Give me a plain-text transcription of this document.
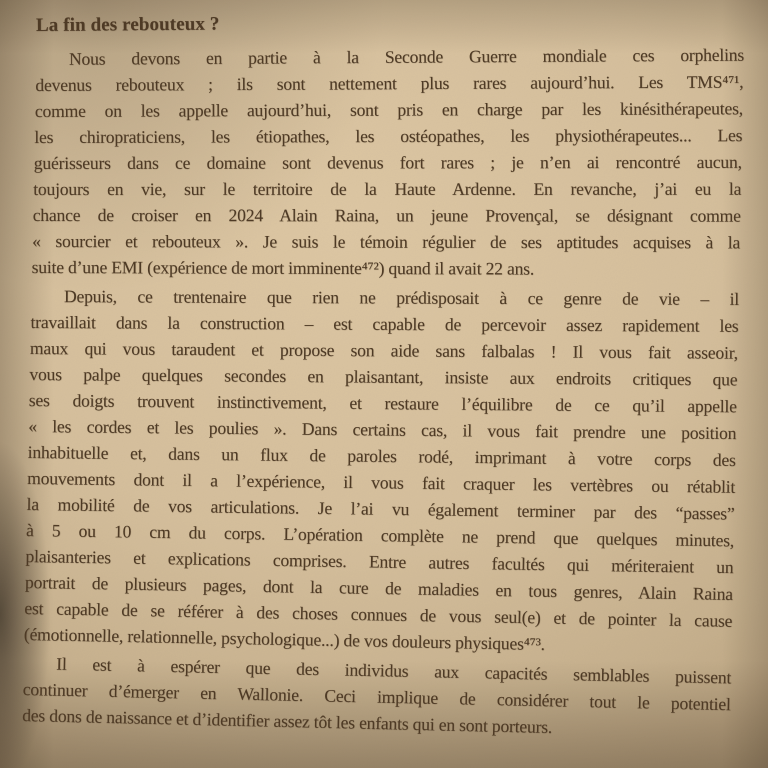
La fin des rebouteux ?
Nous devons en partie à la Seconde Guerre mondiale ces orphelins
devenus rebouteux ; ils sont nettement plus rares aujourd’hui. Les TMS⁴⁷¹,
comme on les appelle aujourd’hui, sont pris en charge par les kinésithérapeutes,
les chiropraticiens, les étiopathes, les ostéopathes, les physiothérapeutes... Les
guérisseurs dans ce domaine sont devenus fort rares ; je n’en ai rencontré aucun,
toujours en vie, sur le territoire de la Haute Ardenne. En revanche, j’ai eu la
chance de croiser en 2024 Alain Raina, un jeune Provençal, se désignant comme
« sourcier et rebouteux ». Je suis le témoin régulier de ses aptitudes acquises à la
suite d’une EMI (expérience de mort imminente⁴⁷²) quand il avait 22 ans.
Depuis, ce trentenaire que rien ne prédisposait à ce genre de vie – il
travaillait dans la construction – est capable de percevoir assez rapidement les
maux qui vous taraudent et propose son aide sans falbalas ! Il vous fait asseoir,
vous palpe quelques secondes en plaisantant, insiste aux endroits critiques que
ses doigts trouvent instinctivement, et restaure l’équilibre de ce qu’il appelle
« les cordes et les poulies ». Dans certains cas, il vous fait prendre une position
inhabituelle et, dans un flux de paroles rodé, imprimant à votre corps des
mouvements dont il a l’expérience, il vous fait craquer les vertèbres ou rétablit
la mobilité de vos articulations. Je l’ai vu également terminer par des “passes”
à 5 ou 10 cm du corps. L’opération complète ne prend que quelques minutes,
plaisanteries et explications comprises. Entre autres facultés qui mériteraient un
portrait de plusieurs pages, dont la cure de maladies en tous genres, Alain Raina
est capable de se référer à des choses connues de vous seul(e) et de pointer la cause
(émotionnelle, relationnelle, psychologique...) de vos douleurs physiques⁴⁷³.
Il est à espérer que des individus aux capacités semblables puissent
continuer d’émerger en Wallonie. Ceci implique de considérer tout le potentiel
des dons de naissance et d’identifier assez tôt les enfants qui en sont porteurs.
